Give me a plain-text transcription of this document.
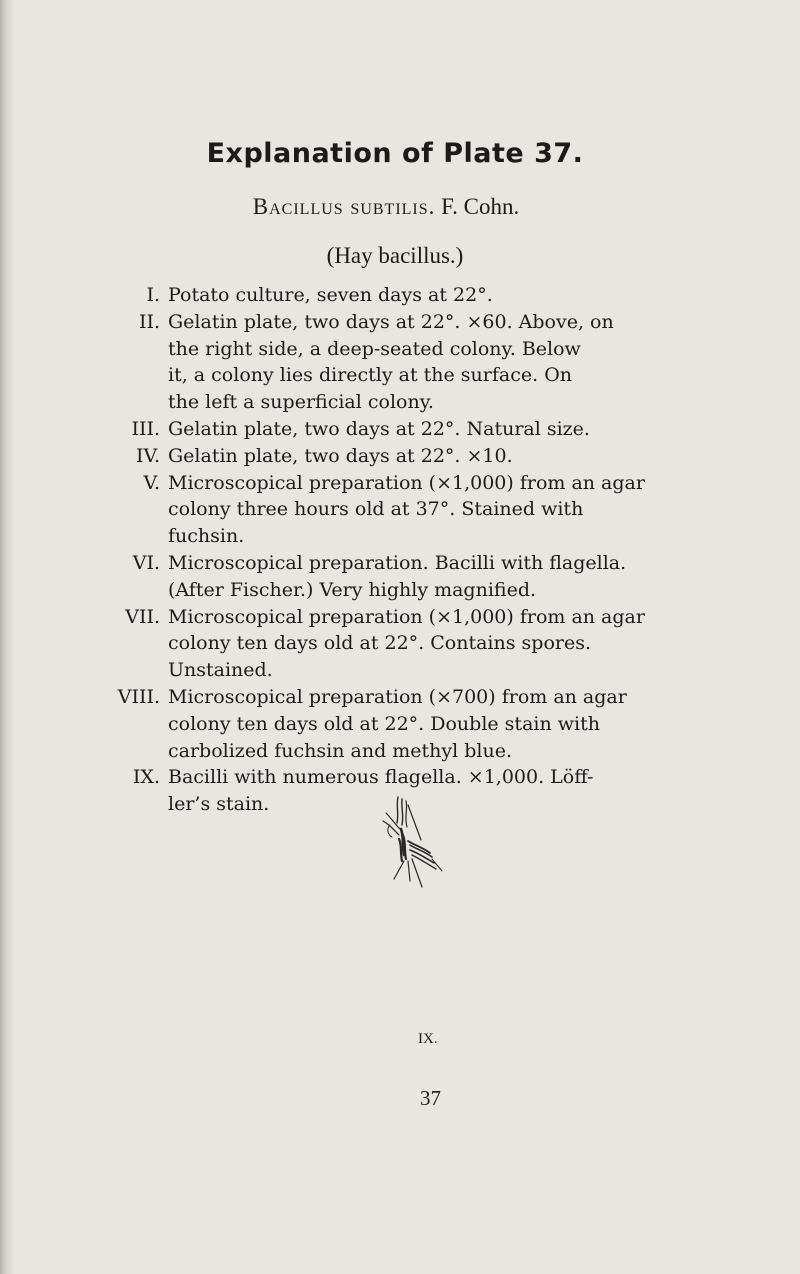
Explanation of Plate 37.
Bacillus subtilis. F. Cohn.
(Hay bacillus.)
I. Potato culture, seven days at 22°.
II. Gelatin plate, two days at 22°. ×60. Above, on
the right side, a deep-seated colony. Below
it, a colony lies directly at the surface. On
the left a superficial colony.
III. Gelatin plate, two days at 22°. Natural size.
IV. Gelatin plate, two days at 22°. ×10.
V. Microscopical preparation (×1,000) from an agar
colony three hours old at 37°. Stained with
fuchsin.
VI. Microscopical preparation. Bacilli with flagella.
(After Fischer.) Very highly magnified.
VII. Microscopical preparation (×1,000) from an agar
colony ten days old at 22°. Contains spores.
Unstained.
VIII. Microscopical preparation (×700) from an agar
colony ten days old at 22°. Double stain with
carbolized fuchsin and methyl blue.
IX. Bacilli with numerous flagella. ×1,000. Löff-
ler’s stain.
IX.
37
